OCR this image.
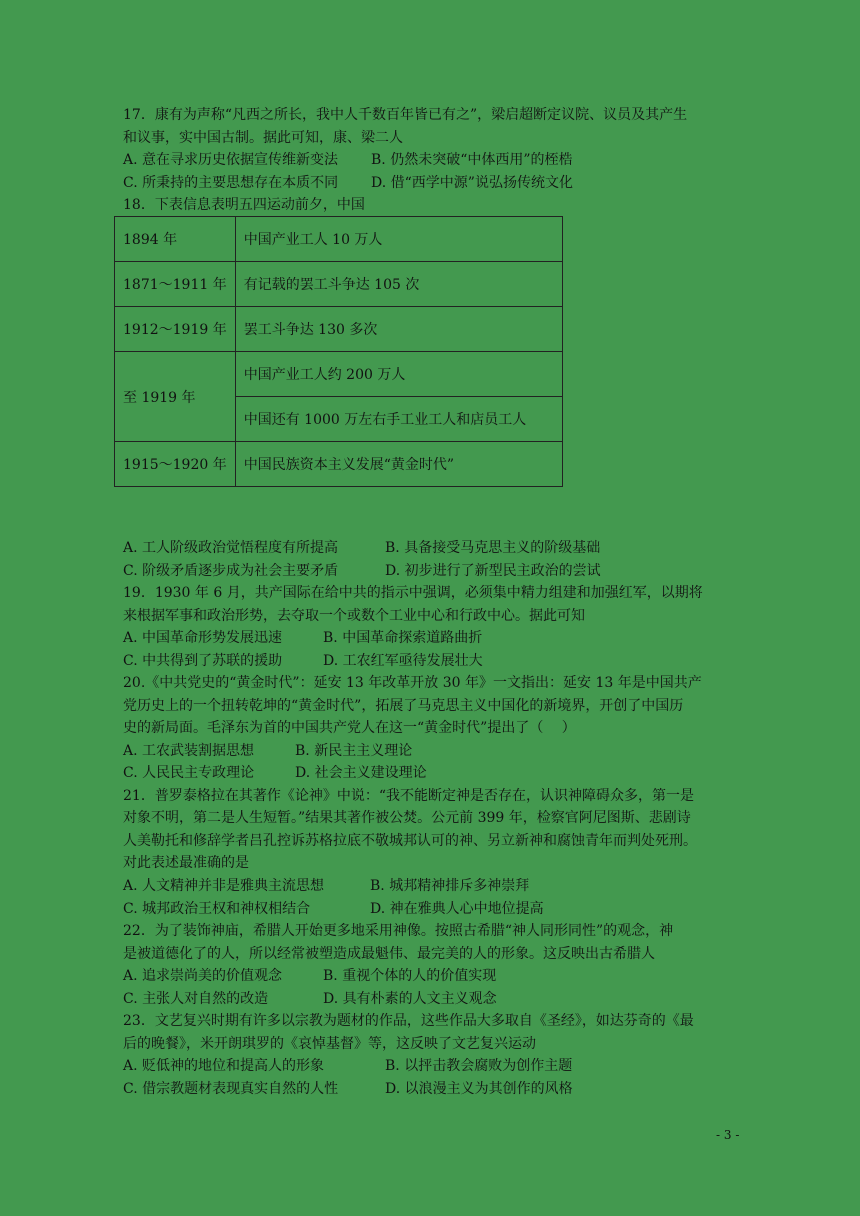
17．康有为声称“凡西之所长，我中人千数百年皆已有之”，梁启超断定议院、议员及其产生
和议事，实中国古制。据此可知，康、梁二人
A. 意在寻求历史依据宣传维新变法 B. 仍然未突破“中体西用”的桎梏
C. 所秉持的主要思想存在本质不同 D. 借“西学中源”说弘扬传统文化
18．下表信息表明五四运动前夕，中国
1894 年	中国产业工人 10 万人
1871～1911 年	有记载的罢工斗争达 105 次
1912～1919 年	罢工斗争达 130 多次
至 1919 年	中国产业工人约 200 万人
	中国还有 1000 万左右手工业工人和店员工人
1915～1920 年	中国民族资本主义发展“黄金时代”
A. 工人阶级政治觉悟程度有所提高	B. 具备接受马克思主义的阶级基础
C. 阶级矛盾逐步成为社会主要矛盾	D. 初步进行了新型民主政治的尝试
19．1930 年 6 月，共产国际在给中共的指示中强调，必须集中精力组建和加强红军，以期将
来根据军事和政治形势，去夺取一个或数个工业中心和行政中心。据此可知
A. 中国革命形势发展迅速	B. 中国革命探索道路曲折
C. 中共得到了苏联的援助	D. 工农红军亟待发展壮大
20.《中共党史的“黄金时代”：延安 13 年改革开放 30 年》一文指出：延安 13 年是中国共产
党历史上的一个扭转乾坤的“黄金时代”，拓展了马克思主义中国化的新境界，开创了中国历
史的新局面。毛泽东为首的中国共产党人在这一“黄金时代”提出了（　 ）
A. 工农武装割据思想	B. 新民主主义理论
C. 人民民主专政理论	D. 社会主义建设理论
21．普罗泰格拉在其著作《论神》中说：“我不能断定神是否存在，认识神障碍众多，第一是
对象不明，第二是人生短暂。”结果其著作被公焚。公元前 399 年，检察官阿尼图斯、悲剧诗
人美勒托和修辞学者吕孔控诉苏格拉底不敬城邦认可的神、另立新神和腐蚀青年而判处死刑。
对此表述最准确的是
A. 人文精神并非是雅典主流思想	B. 城邦精神排斥多神崇拜
C. 城邦政治王权和神权相结合	D. 神在雅典人心中地位提高
22．为了装饰神庙，希腊人开始更多地采用神像。按照古希腊“神人同形同性”的观念，神
是被道德化了的人，所以经常被塑造成最魁伟、最完美的人的形象。这反映出古希腊人
A. 追求崇尚美的价值观念	B. 重视个体的人的价值实现
C. 主张人对自然的改造	D. 具有朴素的人文主义观念
23．文艺复兴时期有许多以宗教为题材的作品，这些作品大多取自《圣经》，如达芬奇的《最
后的晚餐》，米开朗琪罗的《哀悼基督》等，这反映了文艺复兴运动
A. 贬低神的地位和提高人的形象	B. 以抨击教会腐败为创作主题
C. 借宗教题材表现真实自然的人性	D. 以浪漫主义为其创作的风格
- 3 -
